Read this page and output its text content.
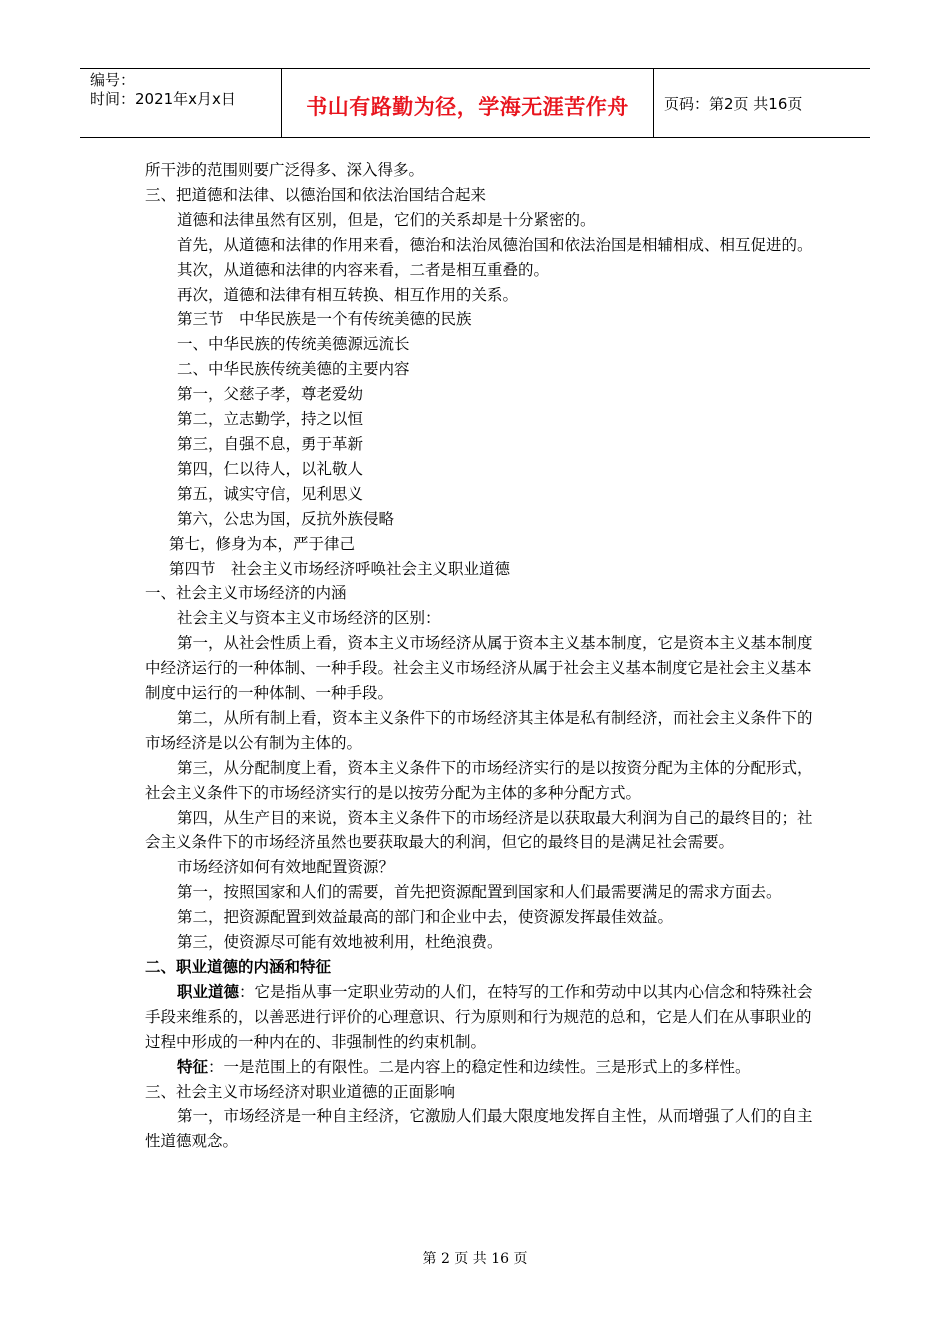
编号：
时间：2021年x月x日	书山有路勤为径，学海无涯苦作舟	页码：第2页 共16页

所干涉的范围则要广泛得多、深入得多。

三、把道德和法律、以德治国和依法治国结合起来

道德和法律虽然有区别，但是，它们的关系却是十分紧密的。

首先，从道德和法律的作用来看，德治和法治凤德治国和依法治国是相辅相成、相互促进的。

其次，从道德和法律的内容来看，二者是相互重叠的。

再次，道德和法律有相互转换、相互作用的关系。

第三节　中华民族是一个有传统美德的民族

一、中华民族的传统美德源远流长

二、中华民族传统美德的主要内容

第一，父慈子孝，尊老爱幼

第二，立志勤学，持之以恒

第三，自强不息，勇于革新

第四，仁以待人，以礼敬人

第五，诚实守信，见利思义

第六，公忠为国，反抗外族侵略

第七，修身为本，严于律己

第四节　社会主义市场经济呼唤社会主义职业道德

一、社会主义市场经济的内涵

社会主义与资本主义市场经济的区别：

第一，从社会性质上看，资本主义市场经济从属于资本主义基本制度，它是资本主义基本制度中经济运行的一种体制、一种手段。社会主义市场经济从属于社会主义基本制度它是社会主义基本制度中运行的一种体制、一种手段。

第二，从所有制上看，资本主义条件下的市场经济其主体是私有制经济，而社会主义条件下的市场经济是以公有制为主体的。

第三，从分配制度上看，资本主义条件下的市场经济实行的是以按资分配为主体的分配形式，社会主义条件下的市场经济实行的是以按劳分配为主体的多种分配方式。

第四，从生产目的来说，资本主义条件下的市场经济是以获取最大利润为自己的最终目的；社会主义条件下的市场经济虽然也要获取最大的利润，但它的最终目的是满足社会需要。

市场经济如何有效地配置资源？

第一，按照国家和人们的需要，首先把资源配置到国家和人们最需要满足的需求方面去。

第二，把资源配置到效益最高的部门和企业中去，使资源发挥最佳效益。

第三，使资源尽可能有效地被利用，杜绝浪费。

二、职业道德的内涵和特征

职业道德：它是指从事一定职业劳动的人们，在特写的工作和劳动中以其内心信念和特殊社会手段来维系的，以善恶进行评价的心理意识、行为原则和行为规范的总和，它是人们在从事职业的过程中形成的一种内在的、非强制性的约束机制。

特征：一是范围上的有限性。二是内容上的稳定性和边续性。三是形式上的多样性。

三、社会主义市场经济对职业道德的正面影响

第一，市场经济是一种自主经济，它激励人们最大限度地发挥自主性，从而增强了人们的自主性道德观念。

第 2 页 共 16 页
